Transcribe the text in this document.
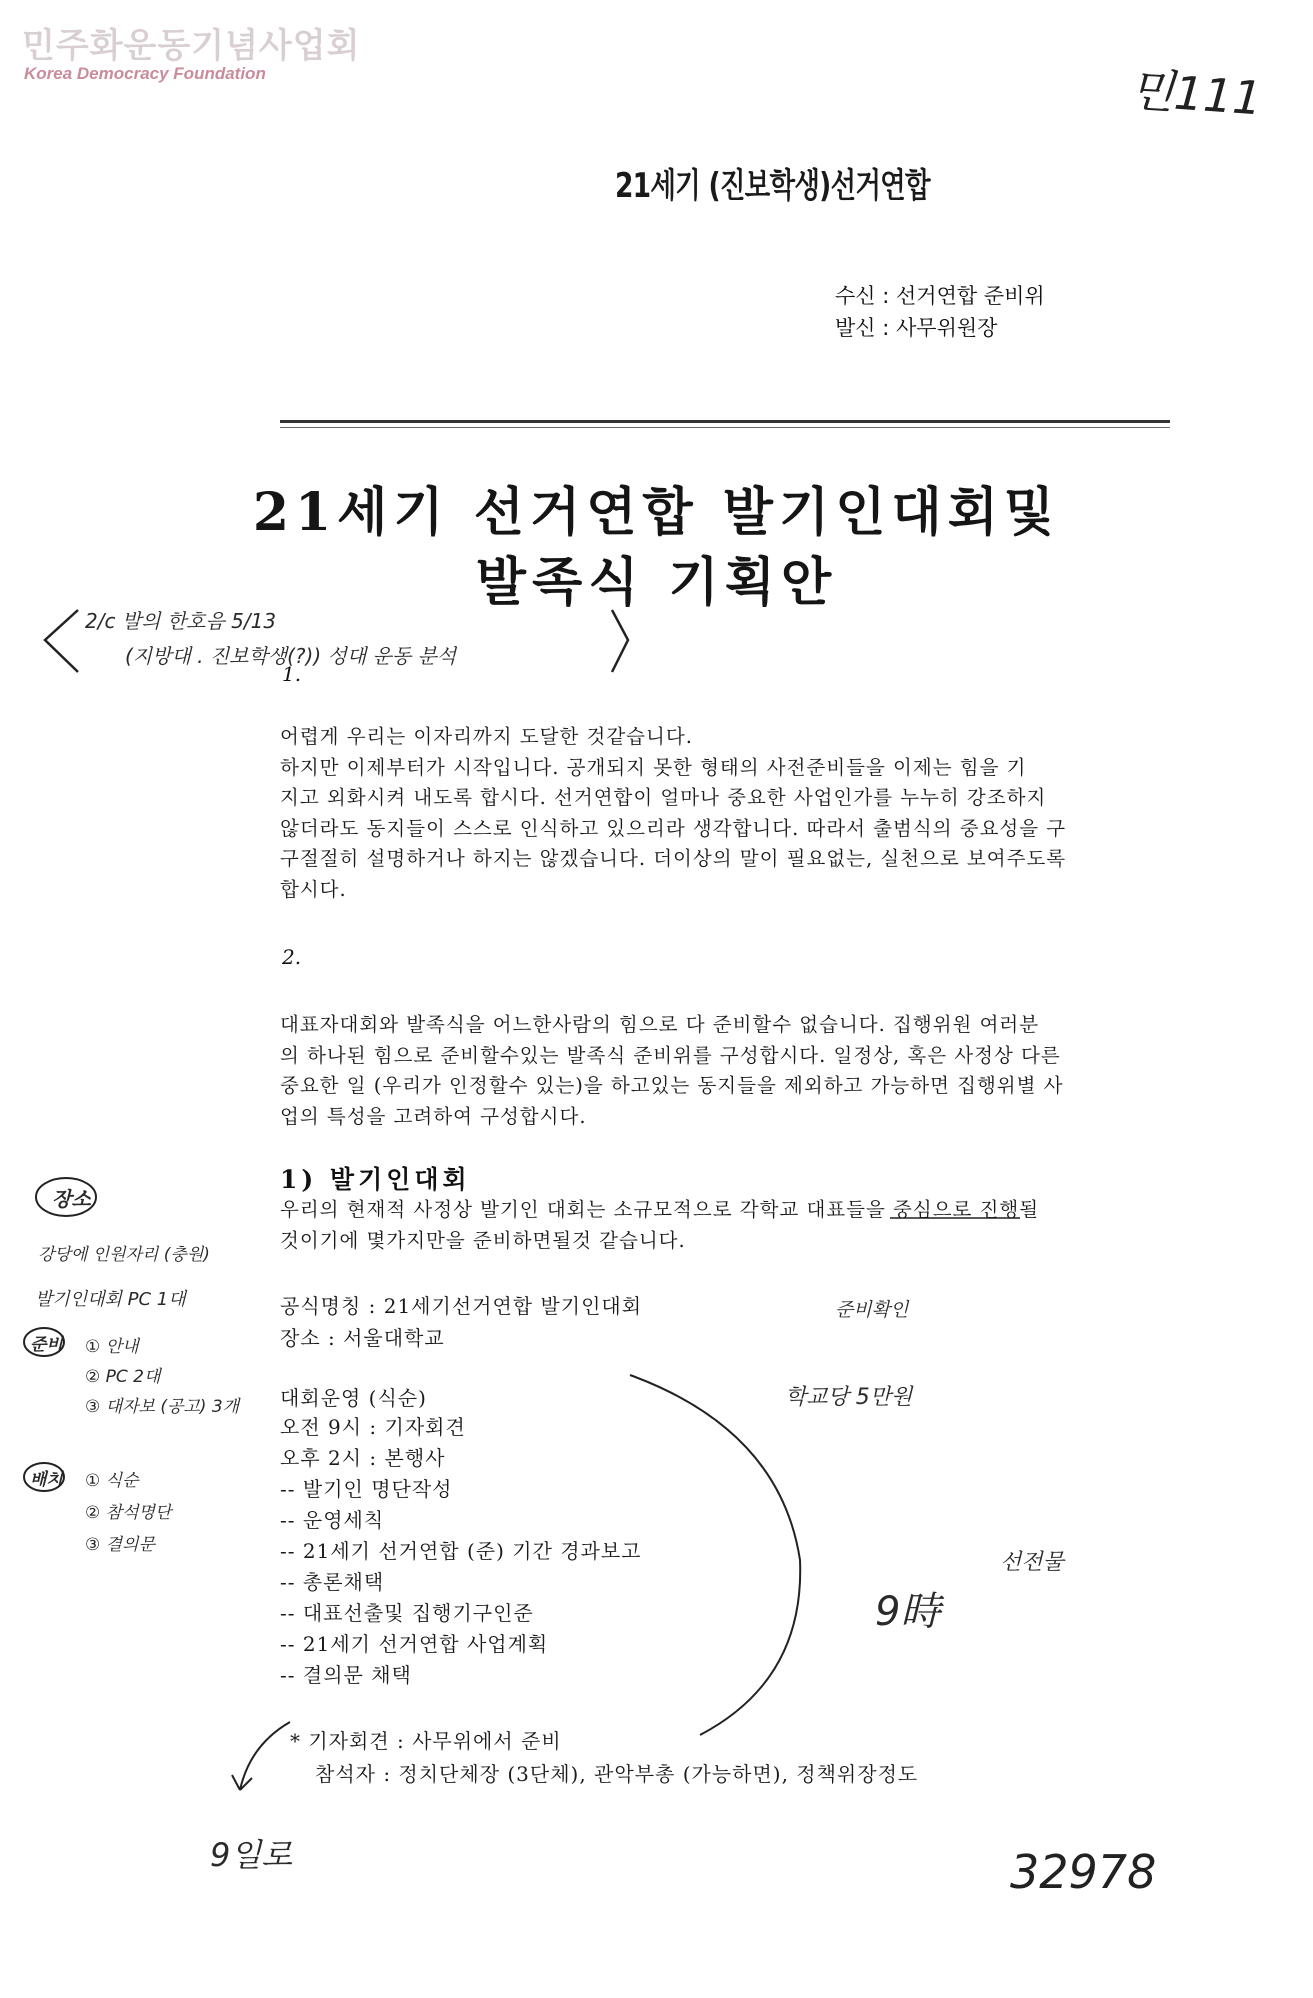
민주화운동기념사업회
Korea Democracy Foundation	민111
21세기 (진보학생)선거연합
수신 : 선거연합 준비위
발신 : 사무위원장
21세기 선거연합 발기인대회및
발족식 기획안
2/c 발의 한호음 5/13
(지방대 . 진보학생(?)) 성대 운동 분석
1.
어렵게 우리는 이자리까지 도달한 것같습니다.
하지만 이제부터가 시작입니다. 공개되지 못한 형태의 사전준비들을 이제는 힘을 기
지고 외화시켜 내도록 합시다. 선거연합이 얼마나 중요한 사업인가를 누누히 강조하지
않더라도 동지들이 스스로 인식하고 있으리라 생각합니다. 따라서 출범식의 중요성을 구
구절절히 설명하거나 하지는 않겠습니다. 더이상의 말이 필요없는, 실천으로 보여주도록
합시다.
2.
대표자대회와 발족식을 어느한사람의 힘으로 다 준비할수 없습니다. 집행위원 여러분
의 하나된 힘으로 준비할수있는 발족식 준비위를 구성합시다. 일정상, 혹은 사정상 다른
중요한 일 (우리가 인정할수 있는)을 하고있는 동지들을 제외하고 가능하면 집행위별 사
업의 특성을 고려하여 구성합시다.
1) 발기인대회
우리의 현재적 사정상 발기인 대회는 소규모적으로 각학교 대표들을 중심으로 진행될
것이기에 몇가지만을 준비하면될것 같습니다.
공식명칭 : 21세기선거연합 발기인대회
장소 : 서울대학교
대회운영 (식순)
오전 9시 : 기자회견
오후 2시 : 본행사
-- 발기인 명단작성
-- 운영세칙
-- 21세기 선거연합 (준) 기간 경과보고
-- 총론채택
-- 대표선출및 집행기구인준
-- 21세기 선거연합 사업계획
-- 결의문 채택
* 기자회견 : 사무위에서 준비
참석자 : 정치단체장 (3단체), 관악부총 (가능하면), 정책위장정도
장소
강당에 인원자리 (충원)
발기인대회 PC 1대
준비 ① 안내
② PC 2대
③ 대자보 (공고) 3개
배치 ① 식순
② 참석명단
③ 결의문
준비확인
학교당 5만원
선전물
9時
9일로	32978
